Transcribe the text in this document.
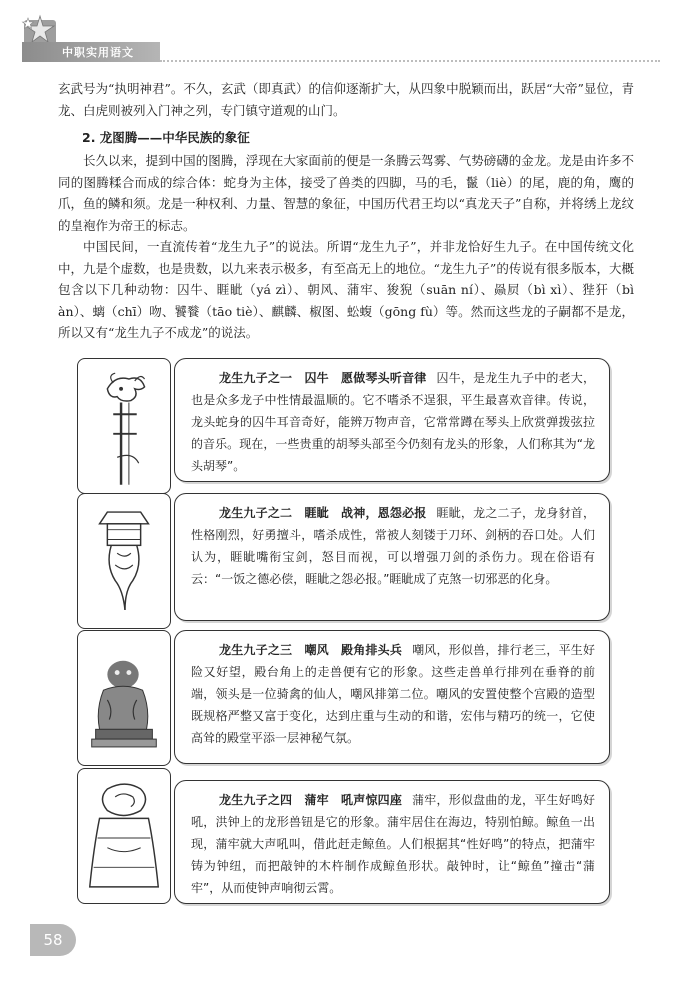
中职实用语文

玄武号为“执明神君”。不久，玄武（即真武）的信仰逐渐扩大，从四象中脱颖而出，跃居“大帝”显位，青龙、白虎则被列入门神之列，专门镇守道观的山门。

2. 龙图腾——中华民族的象征

长久以来，提到中国的图腾，浮现在大家面前的便是一条腾云驾雾、气势磅礴的金龙。龙是由许多不同的图腾糅合而成的综合体：蛇身为主体，接受了兽类的四脚，马的毛，鬣（liè）的尾，鹿的角，鹰的爪，鱼的鳞和须。龙是一种权利、力量、智慧的象征，中国历代君王均以“真龙天子”自称，并将绣上龙纹的皇袍作为帝王的标志。

中国民间，一直流传着“龙生九子”的说法。所谓“龙生九子”，并非龙恰好生九子。在中国传统文化中，九是个虚数，也是贵数，以九来表示极多，有至高无上的地位。“龙生九子”的传说有很多版本，大概包含以下几种动物：囚牛、睚眦（yá zì）、朝风、蒲牢、狻猊（suān ní）、赑屃（bì xì）、狴犴（bì àn）、螭（chī）吻、饕餮（tāo tiè）、麒麟、椒图、蚣蝮（gōng fù）等。然而这些龙的子嗣都不是龙，所以又有“龙生九子不成龙”的说法。

龙生九子之一　囚牛　愿做琴头听音律 囚牛，是龙生九子中的老大，也是众多龙子中性情最温顺的。它不嗜杀不逞狠，平生最喜欢音律。传说，龙头蛇身的囚牛耳音奇好，能辨万物声音，它常常蹲在琴头上欣赏弹拨弦拉的音乐。现在，一些贵重的胡琴头部至今仍刻有龙头的形象，人们称其为“龙头胡琴”。

龙生九子之二　睚眦　战神，恩怨必报 睚眦，龙之二子，龙身豺首，性格刚烈，好勇擅斗，嗜杀成性，常被人刻镂于刀环、剑柄的吞口处。人们认为，睚眦嘴衔宝剑，怒目而视，可以增强刀剑的杀伤力。现在俗语有云：“一饭之德必偿，睚眦之怨必报。”睚眦成了克煞一切邪恶的化身。

龙生九子之三　嘲风　殿角排头兵 嘲风，形似兽，排行老三，平生好险又好望，殿台角上的走兽便有它的形象。这些走兽单行排列在垂脊的前端，领头是一位骑禽的仙人，嘲风排第二位。嘲风的安置使整个宫殿的造型既规格严整又富于变化，达到庄重与生动的和谐，宏伟与精巧的统一，它使高耸的殿堂平添一层神秘气氛。

龙生九子之四　蒲牢　吼声惊四座 蒲牢，形似盘曲的龙，平生好鸣好吼，洪钟上的龙形兽钮是它的形象。蒲牢居住在海边，特别怕鲸。鲸鱼一出现，蒲牢就大声吼叫，借此赶走鲸鱼。人们根据其“性好鸣”的特点，把蒲牢铸为钟纽，而把敲钟的木杵制作成鲸鱼形状。敲钟时，让“鲸鱼”撞击“蒲牢”，从而使钟声响彻云霄。

58
